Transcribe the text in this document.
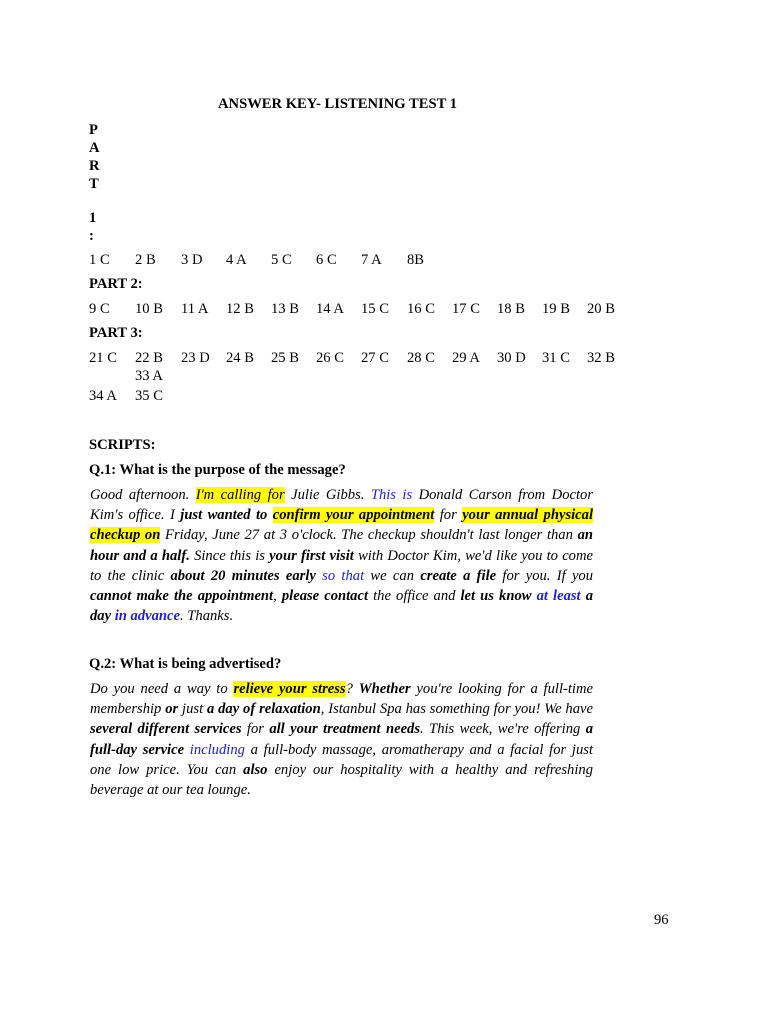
ANSWER KEY- LISTENING TEST 1
P
A
R
T
1
:
1 C 2 B 3 D 4 A 5 C 6 C 7 A 8B
PART 2:
9 C 10 B 11 A 12 B 13 B 14 A 15 C 16 C 17 C 18 B 19 B 20 B
PART 3:
21 C 22 B 23 D 24 B 25 B 26 C 27 C 28 C 29 A 30 D 31 C 32 B
33 A
34 A 35 C
SCRIPTS:
Q.1: What is the purpose of the message?
Good afternoon. I'm calling for Julie Gibbs. This is Donald Carson from Doctor Kim's office. I just wanted to confirm your appointment for your annual physical checkup on Friday, June 27 at 3 o'clock. The checkup shouldn't last longer than an hour and a half. Since this is your first visit with Doctor Kim, we'd like you to come to the clinic about 20 minutes early so that we can create a file for you. If you cannot make the appointment, please contact the office and let us know at least a day in advance. Thanks.
Q.2: What is being advertised?
Do you need a way to relieve your stress? Whether you're looking for a full-time membership or just a day of relaxation, Istanbul Spa has something for you! We have several different services for all your treatment needs. This week, we're offering a full-day service including a full-body massage, aromatherapy and a facial for just one low price. You can also enjoy our hospitality with a healthy and refreshing beverage at our tea lounge.
96
